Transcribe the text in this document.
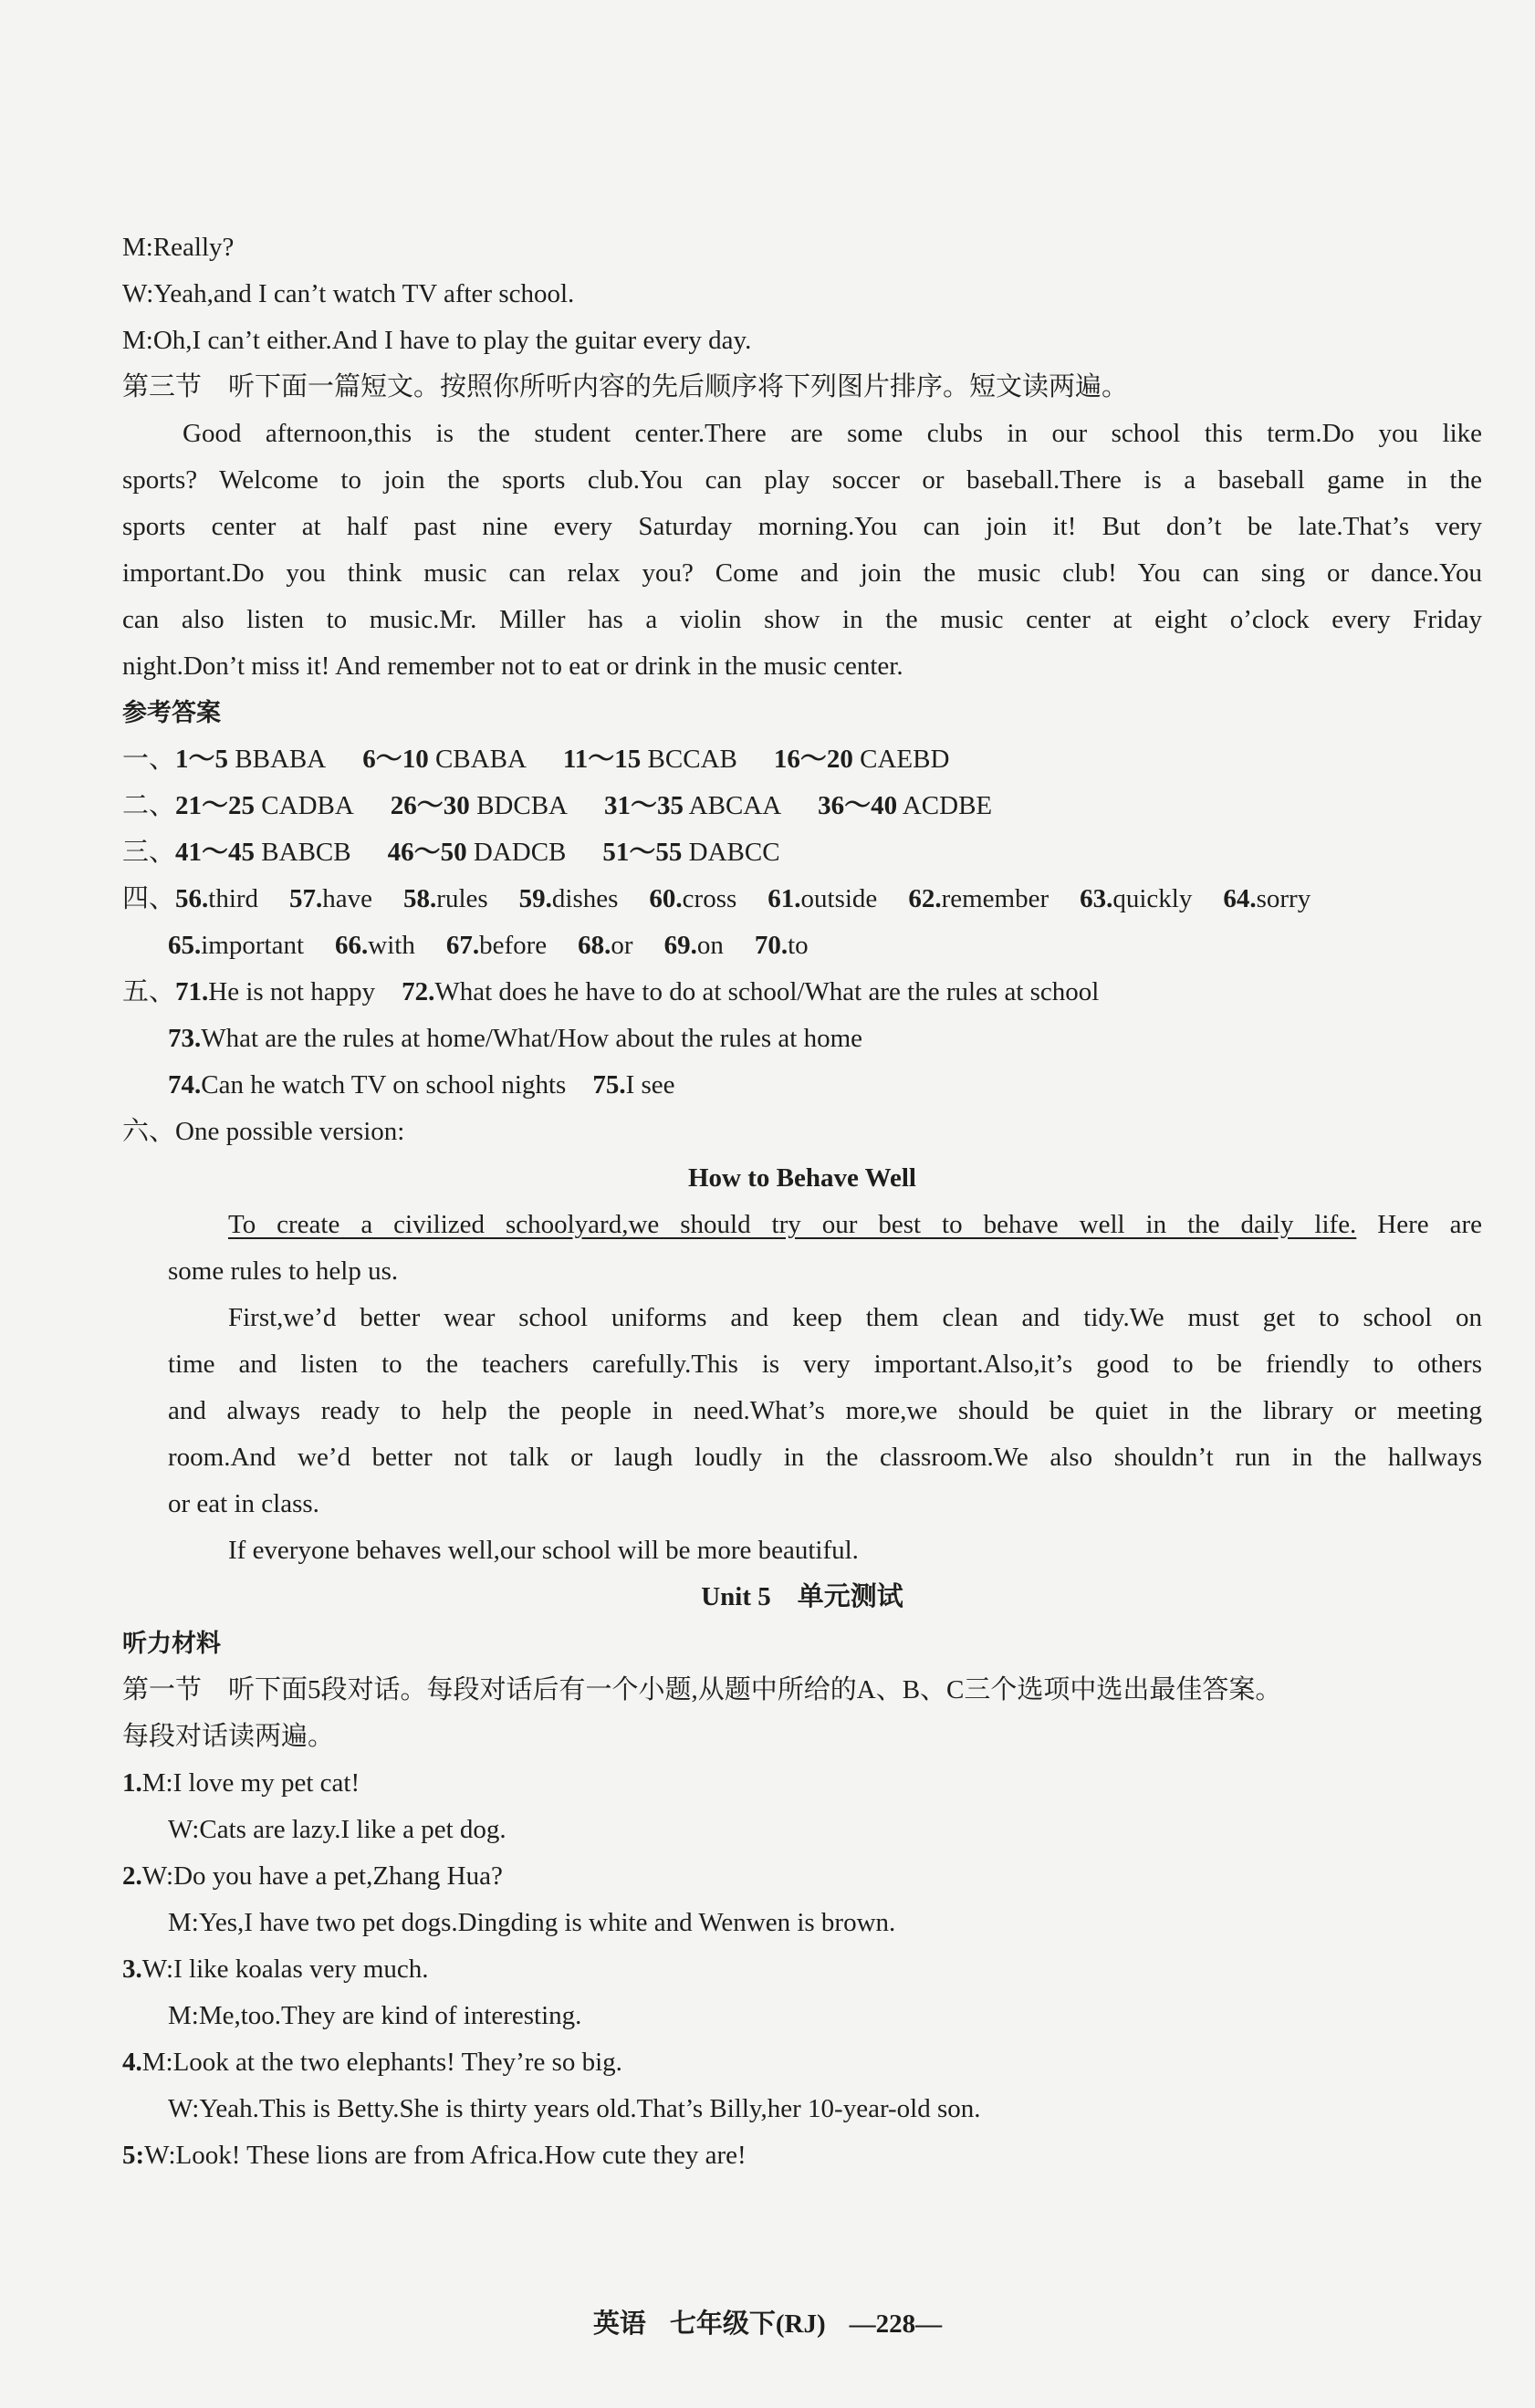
M:Really?
W:Yeah,and I can’t watch TV after school.
M:Oh,I can’t either.And I have to play the guitar every day.
第三节　听下面一篇短文。按照你所听内容的先后顺序将下列图片排序。短文读两遍。
Good afternoon,this is the student center.There are some clubs in our school this term.Do you like
sports? Welcome to join the sports club.You can play soccer or baseball.There is a baseball game in the
sports center at half past nine every Saturday morning.You can join it! But don’t be late.That’s very
important.Do you think music can relax you? Come and join the music club! You can sing or dance.You
can also listen to music.Mr. Miller has a violin show in the music center at eight o’clock every Friday
night.Don’t miss it! And remember not to eat or drink in the music center.
参考答案
一、1～5 BBABA 6～10 CBABA 11～15 BCCAB 16～20 CAEBD
二、21～25 CADBA 26～30 BDCBA 31～35 ABCAA 36～40 ACDBE
三、41～45 BABCB 46～50 DADCB 51～55 DABCC
四、56.third 57.have 58.rules 59.dishes 60.cross 61.outside 62.remember 63.quickly 64.sorry
65.important 66.with 67.before 68.or 69.on 70.to
五、71.He is not happy 72.What does he have to do at school/What are the rules at school
73.What are the rules at home/What/How about the rules at home
74.Can he watch TV on school nights 75.I see
六、One possible version:
How to Behave Well
To create a civilized schoolyard,we should try our best to behave well in the daily life. Here are
some rules to help us.
First,we’d better wear school uniforms and keep them clean and tidy.We must get to school on
time and listen to the teachers carefully.This is very important.Also,it’s good to be friendly to others
and always ready to help the people in need.What’s more,we should be quiet in the library or meeting
room.And we’d better not talk or laugh loudly in the classroom.We also shouldn’t run in the hallways
or eat in class.
If everyone behaves well,our school will be more beautiful.
Unit 5　单元测试
听力材料
第一节　听下面5段对话。每段对话后有一个小题,从题中所给的A、B、C三个选项中选出最佳答案。
每段对话读两遍。
1.M:I love my pet cat!
W:Cats are lazy.I like a pet dog.
2.W:Do you have a pet,Zhang Hua?
M:Yes,I have two pet dogs.Dingding is white and Wenwen is brown.
3.W:I like koalas very much.
M:Me,too.They are kind of interesting.
4.M:Look at the two elephants! They’re so big.
W:Yeah.This is Betty.She is thirty years old.That’s Billy,her 10-year-old son.
5:W:Look! These lions are from Africa.How cute they are!
英语 七年级下(RJ) —228—
